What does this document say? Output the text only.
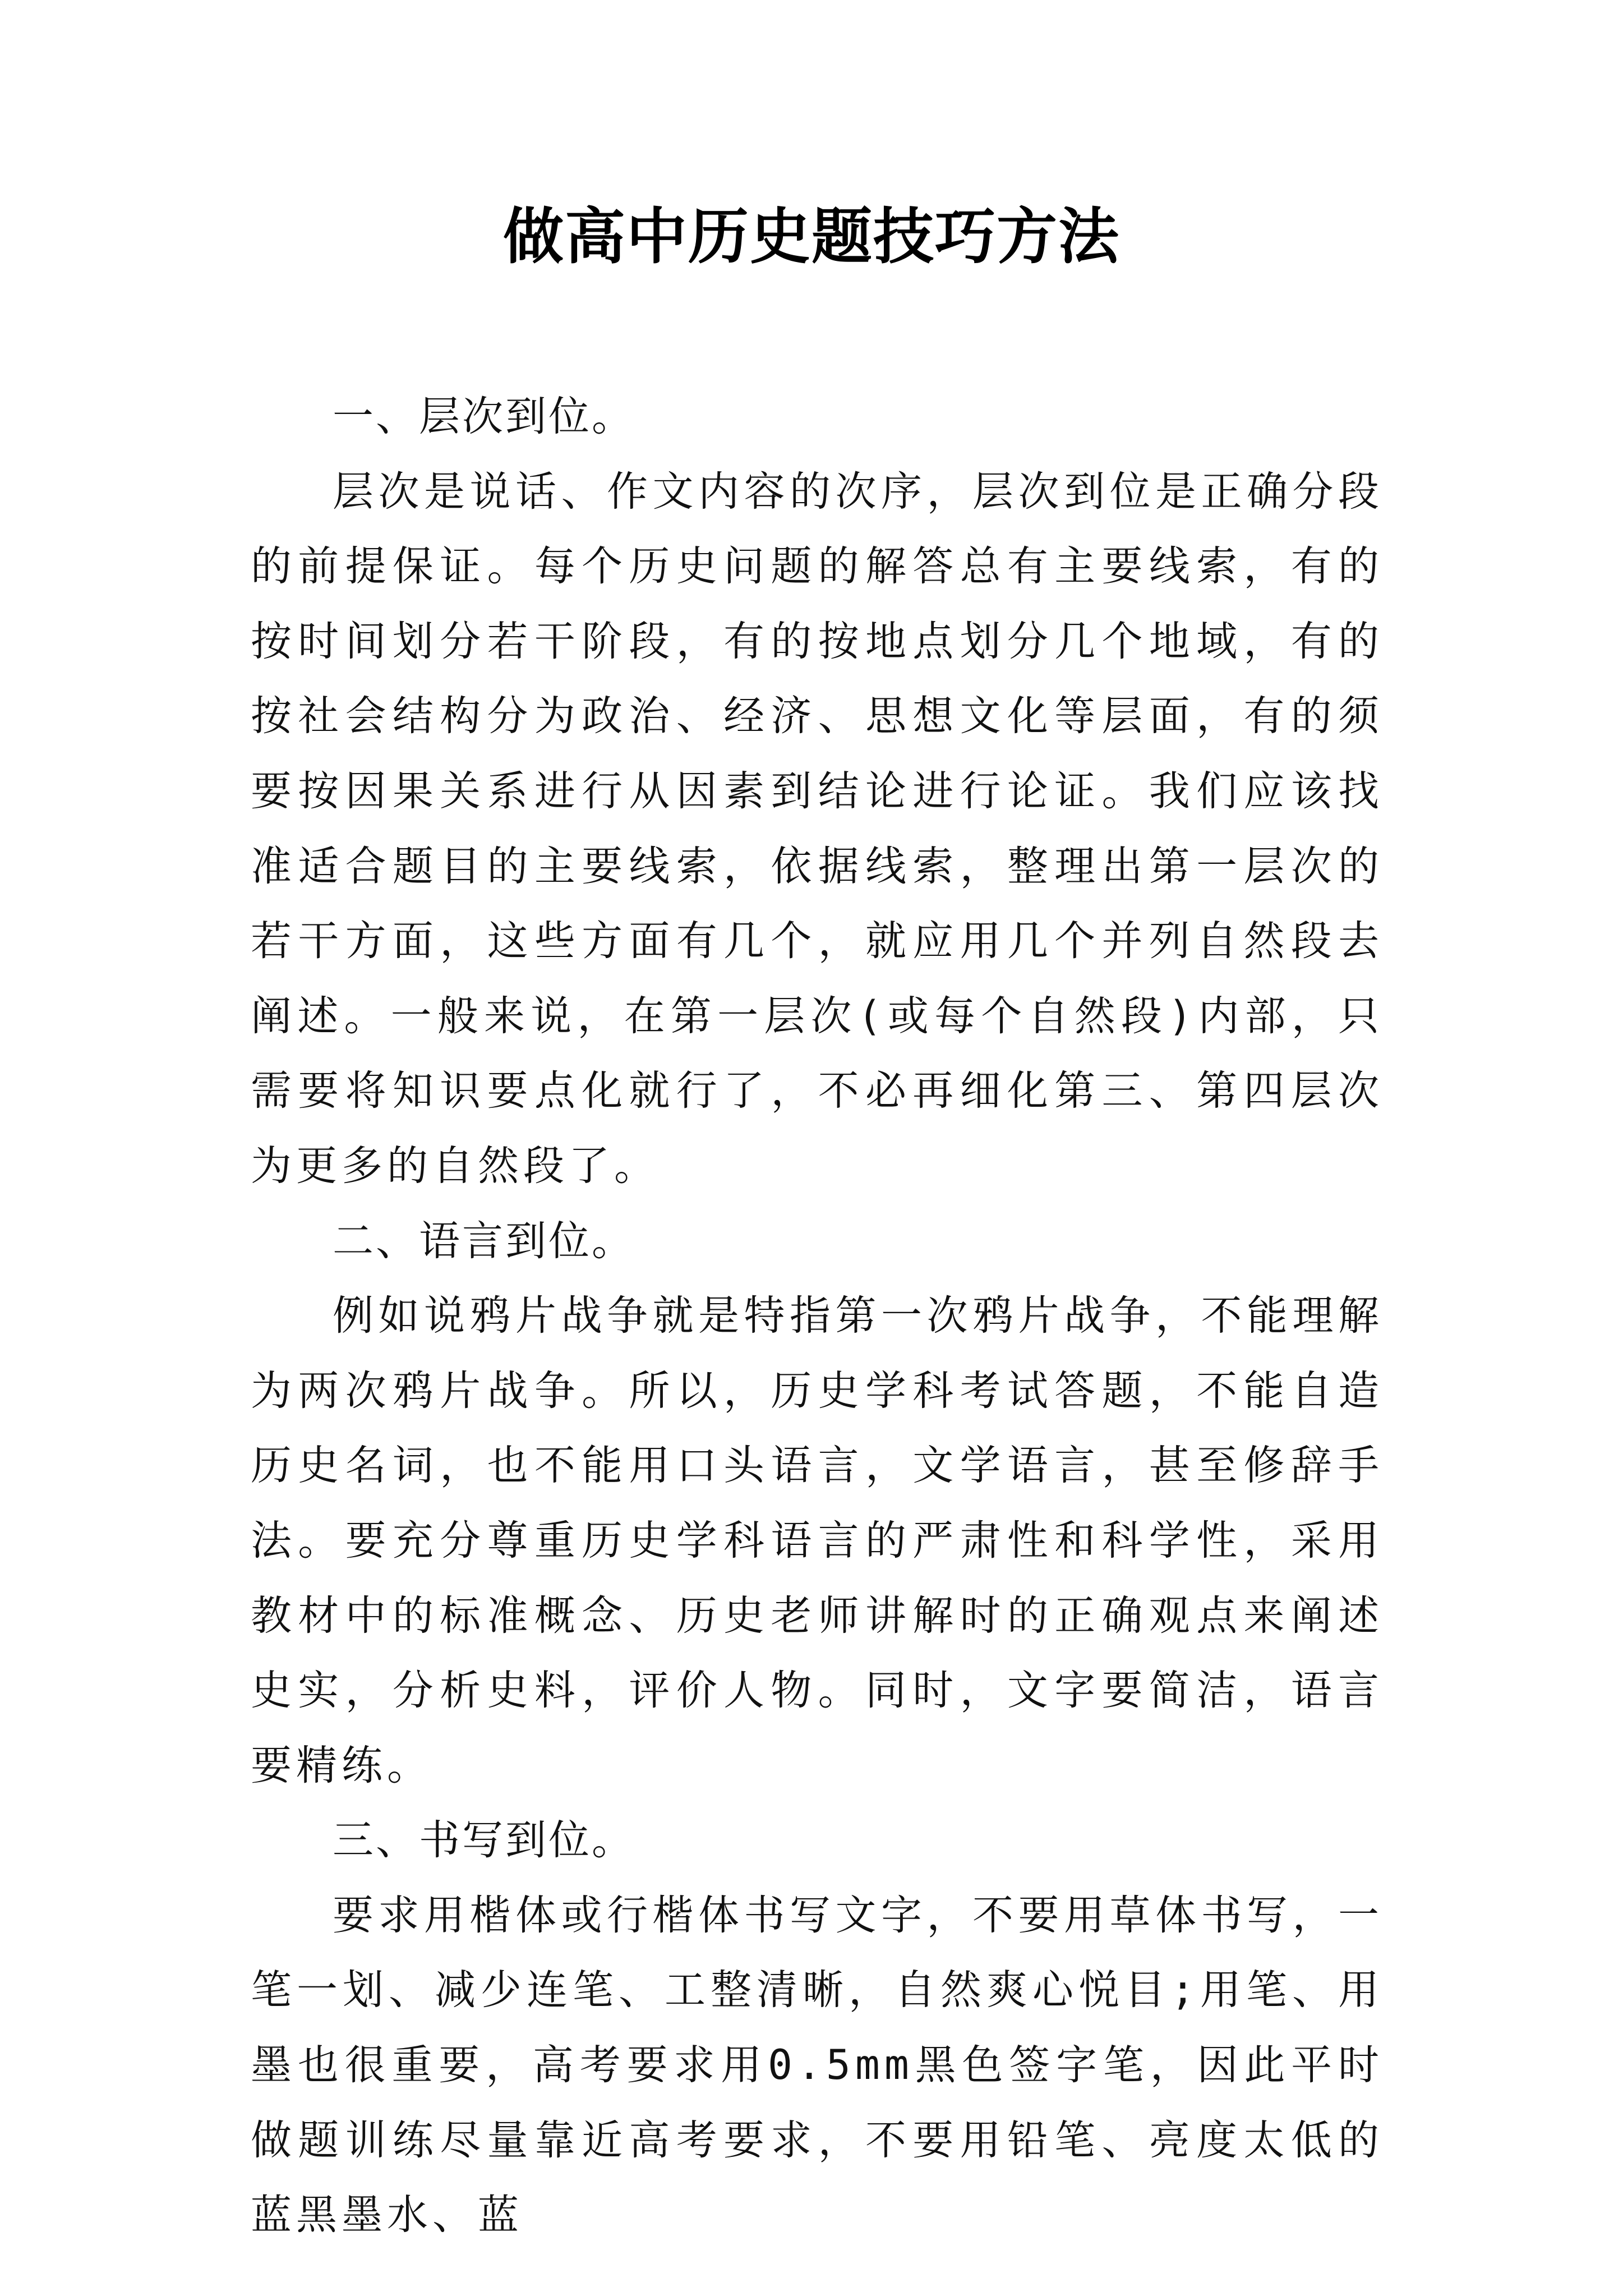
做高中历史题技巧方法

一、层次到位。

层次是说话、作文内容的次序，层次到位是正确分段的前提保证。每个历史问题的解答总有主要线索，有的按时间划分若干阶段，有的按地点划分几个地域，有的按社会结构分为政治、经济、思想文化等层面，有的须要按因果关系进行从因素到结论进行论证。我们应该找准适合题目的主要线索，依据线索，整理出第一层次的若干方面，这些方面有几个，就应用几个并列自然段去阐述。一般来说，在第一层次(或每个自然段)内部，只需要将知识要点化就行了，不必再细化第三、第四层次为更多的自然段了。

二、语言到位。

例如说鸦片战争就是特指第一次鸦片战争，不能理解为两次鸦片战争。所以，历史学科考试答题，不能自造历史名词，也不能用口头语言，文学语言，甚至修辞手法。要充分尊重历史学科语言的严肃性和科学性，采用教材中的标准概念、历史老师讲解时的正确观点来阐述史实，分析史料，评价人物。同时，文字要简洁，语言要精练。

三、书写到位。

要求用楷体或行楷体书写文字，不要用草体书写，一笔一划、减少连笔、工整清晰，自然爽心悦目;用笔、用墨也很重要，高考要求用0.5mm黑色签字笔，因此平时做题训练尽量靠近高考要求，不要用铅笔、亮度太低的蓝黑墨水、蓝
